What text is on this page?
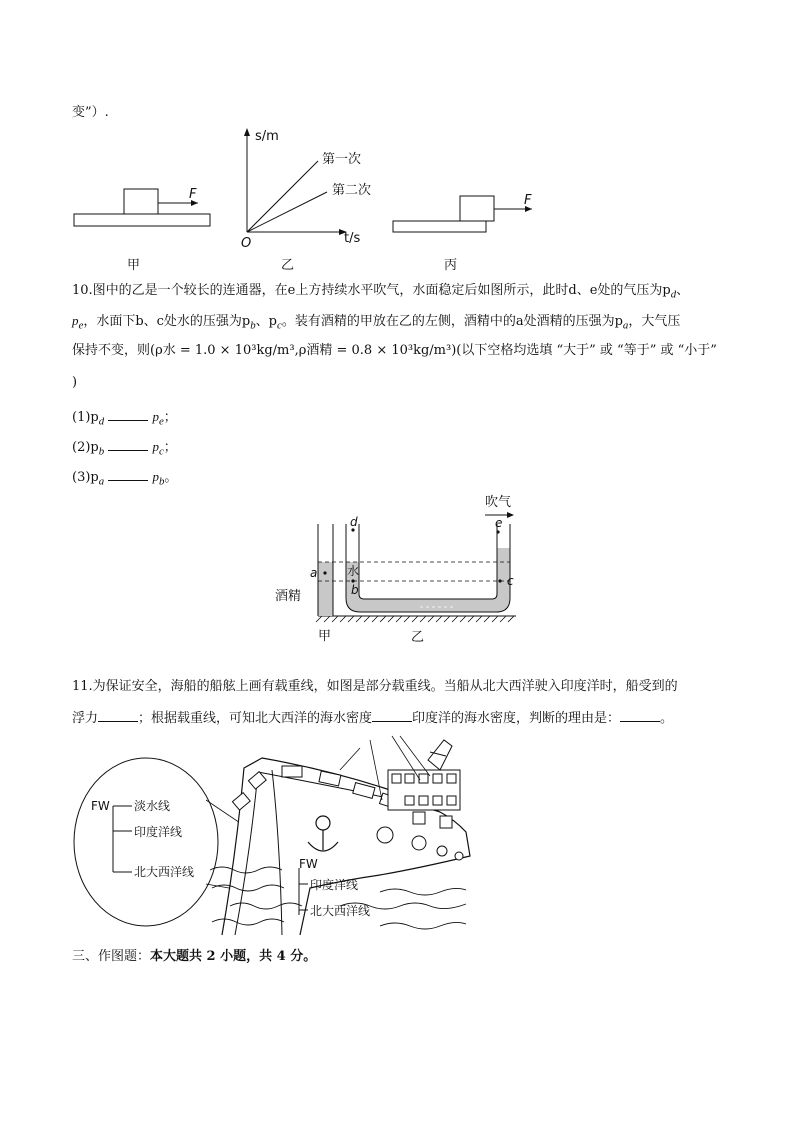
变”）.
F
s/m
t/s
O
第一次
第二次
F
甲	乙	丙
10.图中的乙是一个较长的连通器，在e上方持续水平吹气，水面稳定后如图所示，此时d、e处的气压为$p_d$、
$p_e$，水面下b、c处水的压强为$p_b$、$p_c$。装有酒精的甲放在乙的左侧，酒精中的a处酒精的压强为$p_a$，大气压
保持不变，则(ρ水 = 1.0 × 10³kg/m³,ρ酒精 = 0.8 × 10³kg/m³)(以下空格均选填 “大于” 或 “等于” 或 “小于”
)
$(1)p_d$	$p_e$；
$(2)p_b$	$p_c$；
$(3)p_a$	$p_b$。
吹气
d	e
a 水
b
c
酒精
甲	乙
11.为保证安全，海船的船舷上画有载重线，如图是部分载重线。当船从北大西洋驶入印度洋时，船受到的
浮力	；根据载重线，可知北大西洋的海水密度	印度洋的海水密度，判断的理由是：	。
FW 淡水线
印度洋线
北大西洋线
FW
印度洋线
北大西洋线
三、作图题：本大题共 2 小题，共 4 分。
